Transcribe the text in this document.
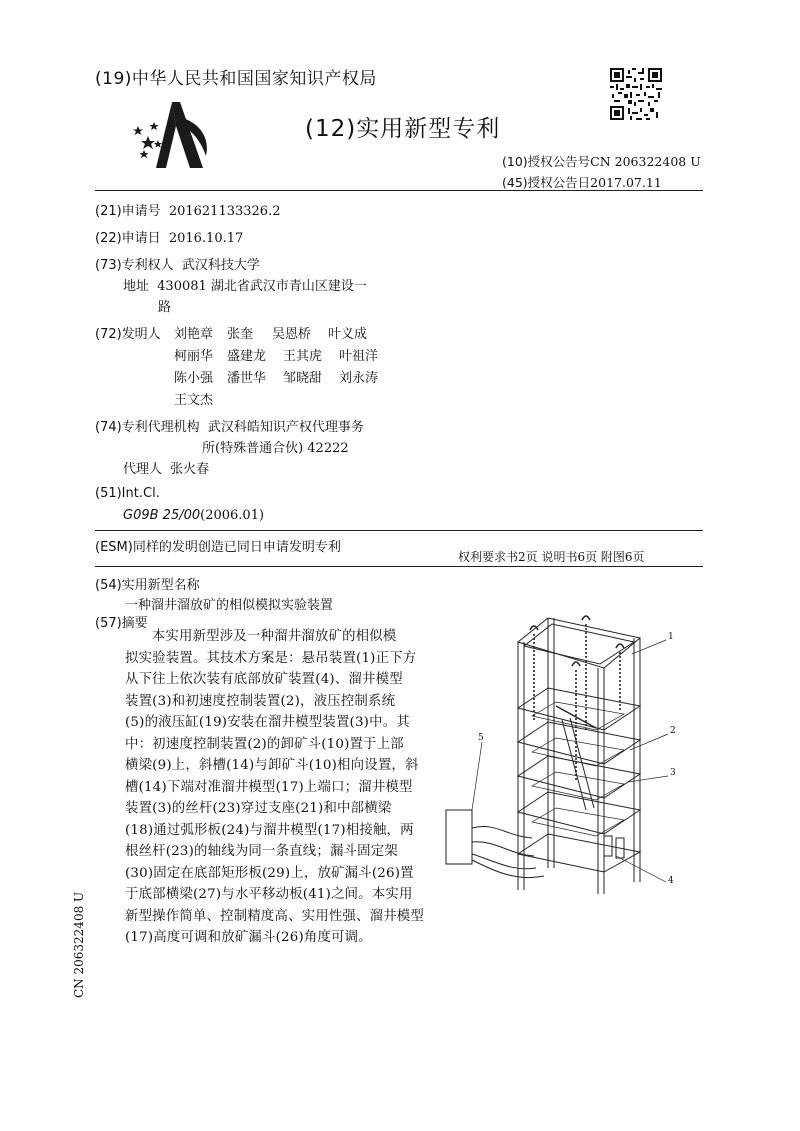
(19)中华人民共和国国家知识产权局
(12)实用新型专利
(10)授权公告号CN 206322408 U
(45)授权公告日2017.07.11
(21)申请号 201621133326.2
(22)申请日 2016.10.17
(73)专利权人 武汉科技大学
地址 430081 湖北省武汉市青山区建设一
路
(72)发明人 刘艳章 张奎 吴恩桥 叶义成
柯丽华 盛建龙 王其虎 叶祖洋
陈小强 潘世华 邹晓甜 刘永涛
王文杰
(74)专利代理机构 武汉科皓知识产权代理事务
所(特殊普通合伙) 42222
代理人 张火春
(51)Int.Cl.
G09B 25/00(2006.01)
(ESM)同样的发明创造已同日申请发明专利
权利要求书2页 说明书6页 附图6页
(54)实用新型名称
一种溜井溜放矿的相似模拟实验装置
(57)摘要

本实用新型涉及一种溜井溜放矿的相似模

拟实验装置。其技术方案是：悬吊装置(1)正下方

从下往上依次装有底部放矿装置(4)、溜井模型

装置(3)和初速度控制装置(2)，液压控制系统

(5)的液压缸(19)安装在溜井模型装置(3)中。其

中：初速度控制装置(2)的卸矿斗(10)置于上部

横梁(9)上，斜槽(14)与卸矿斗(10)相向设置，斜

槽(14)下端对准溜井模型(17)上端口；溜井模型

装置(3)的丝杆(23)穿过支座(21)和中部横梁

(18)通过弧形板(24)与溜井模型(17)相接触，两

根丝杆(23)的轴线为同一条直线；漏斗固定架

(30)固定在底部矩形板(29)上，放矿漏斗(26)置

于底部横梁(27)与水平移动板(41)之间。本实用

新型操作简单、控制精度高、实用性强、溜井模型

(17)高度可调和放矿漏斗(26)角度可调。

5
1
2
3
4
CN 206322408 U
